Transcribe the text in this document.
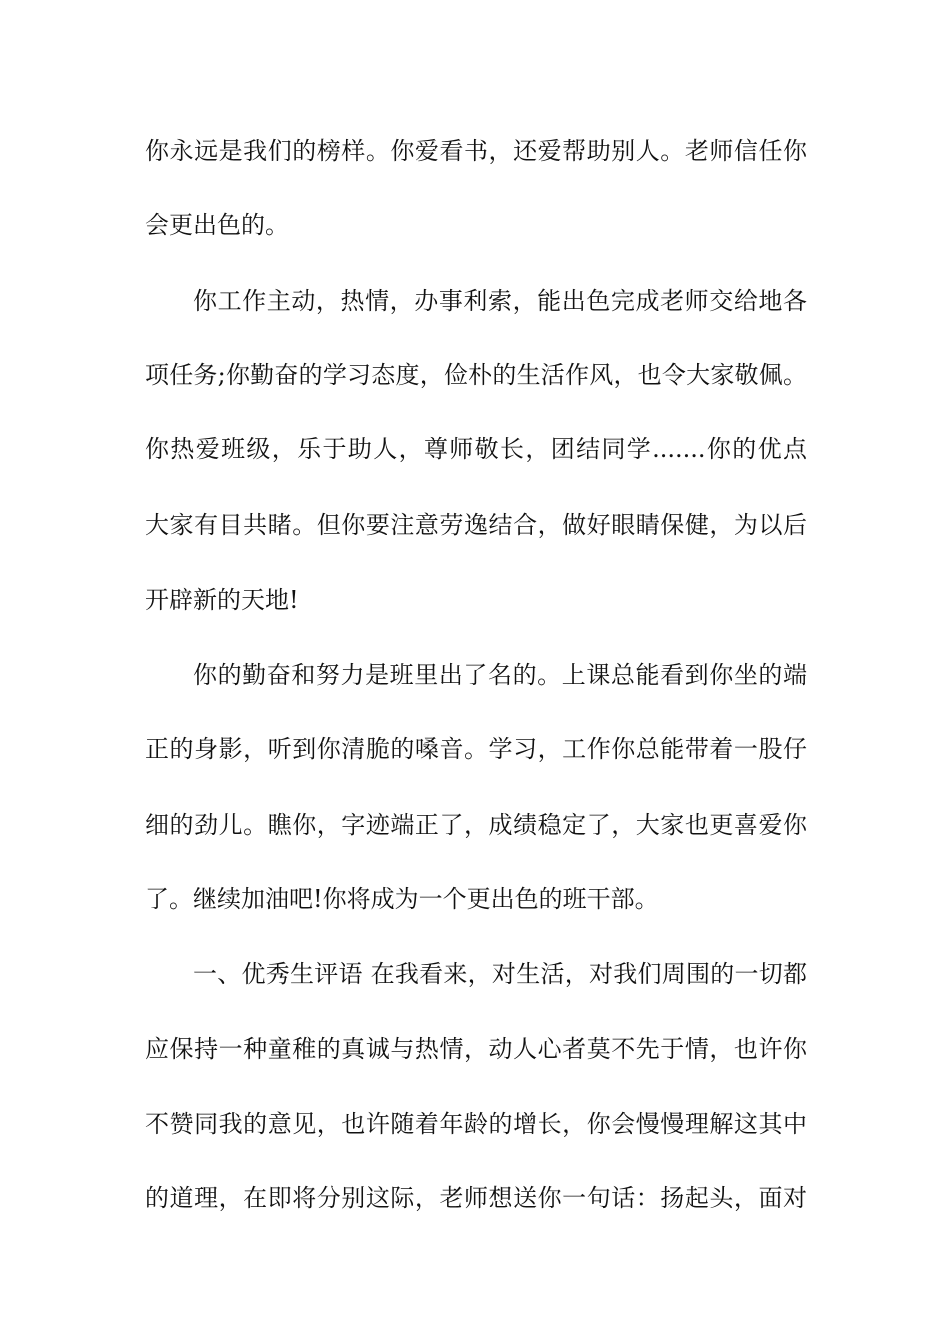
你永远是我们的榜样。你爱看书，还爱帮助别人。老师信任你
会更出色的。
你工作主动，热情，办事利索，能出色完成老师交给地各
项任务;你勤奋的学习态度，俭朴的生活作风，也令大家敬佩。
你热爱班级，乐于助人，尊师敬长，团结同学.......你的优点
大家有目共睹。但你要注意劳逸结合，做好眼睛保健，为以后
开辟新的天地!
你的勤奋和努力是班里出了名的。上课总能看到你坐的端
正的身影，听到你清脆的嗓音。学习，工作你总能带着一股仔
细的劲儿。瞧你，字迹端正了，成绩稳定了，大家也更喜爱你
了。继续加油吧!你将成为一个更出色的班干部。
一、优秀生评语 在我看来，对生活，对我们周围的一切都
应保持一种童稚的真诚与热情，动人心者莫不先于情，也许你
不赞同我的意见，也许随着年龄的增长，你会慢慢理解这其中
的道理，在即将分别这际，老师想送你一句话：扬起头，面对
